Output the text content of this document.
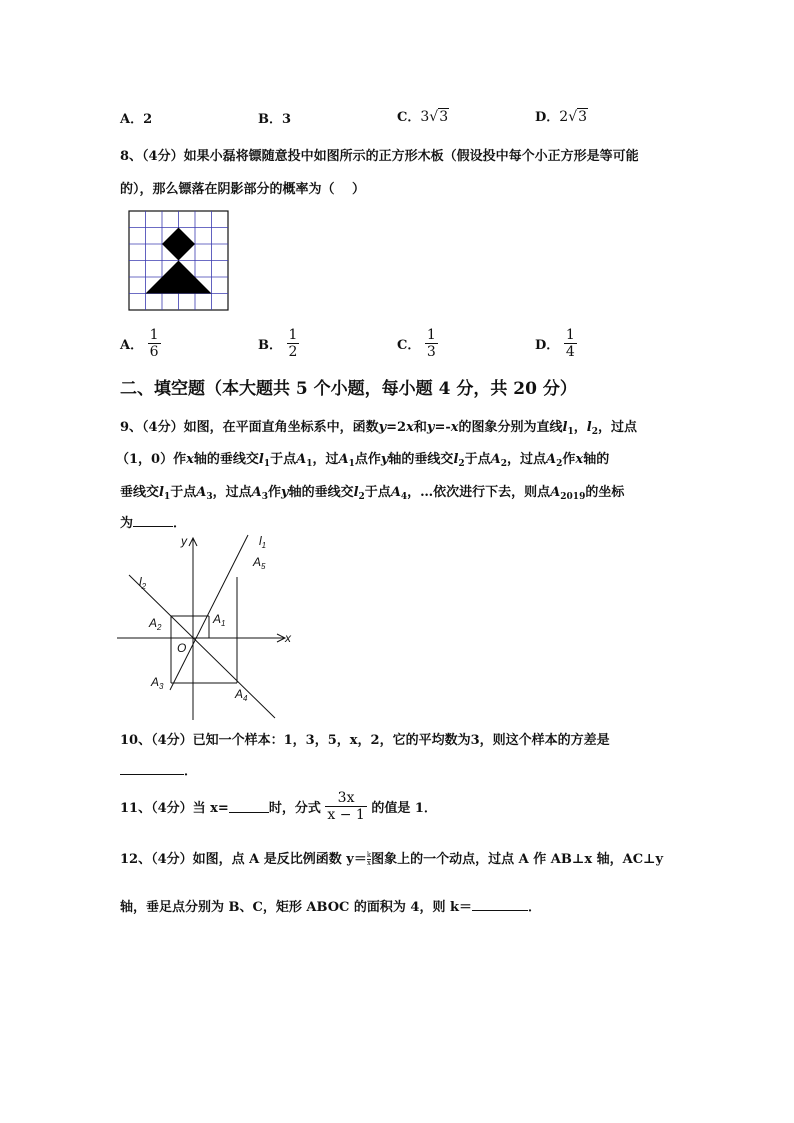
A．2	B．3	C．3√3	D．2√3
8、（4分）如果小磊将镖随意投中如图所示的正方形木板（假设投中每个小正方形是等可能
的），那么镖落在阴影部分的概率为（　 ）
A． $\frac{1}{6}$	B． $\frac{1}{2}$	C． $\frac{1}{3}$	D． $\frac{1}{4}$
二、填空题（本大题共 5 个小题，每小题 4 分，共 20 分）
9、（4分）如图，在平面直角坐标系中，函数y=2x和y=-x的图象分别为直线$l_1$，$l_2$，过点
（1，0）作x轴的垂线交$l_1$于点$A_1$，过$A_1$点作y轴的垂线交$l_2$于点$A_2$，过点$A_2$作x轴的
垂线交$l_1$于点$A_3$，过点$A_3$作y轴的垂线交$l_2$于点$A_4$，…依次进行下去，则点$A_{2019}$的坐标
为	．
y
x
O
$l_1$
$l_2$
$A_5$
$A_1$
$A_2$
$A_3$
$A_4$
10、（4分）已知一个样本：1，3，5，x，2，它的平均数为3，则这个样本的方差是
．
11、（4分）当 x=	时，分式 $\frac{3x}{x - 1}$ 的值是 1．
12、（4分）如图，点 A 是反比例函数 $y= \frac{k}{x}$ 图象上的一个动点，过点 A 作 AB⊥x 轴，AC⊥y
轴，垂足点分别为 B、C，矩形 ABOC 的面积为 4，则 k＝	．
